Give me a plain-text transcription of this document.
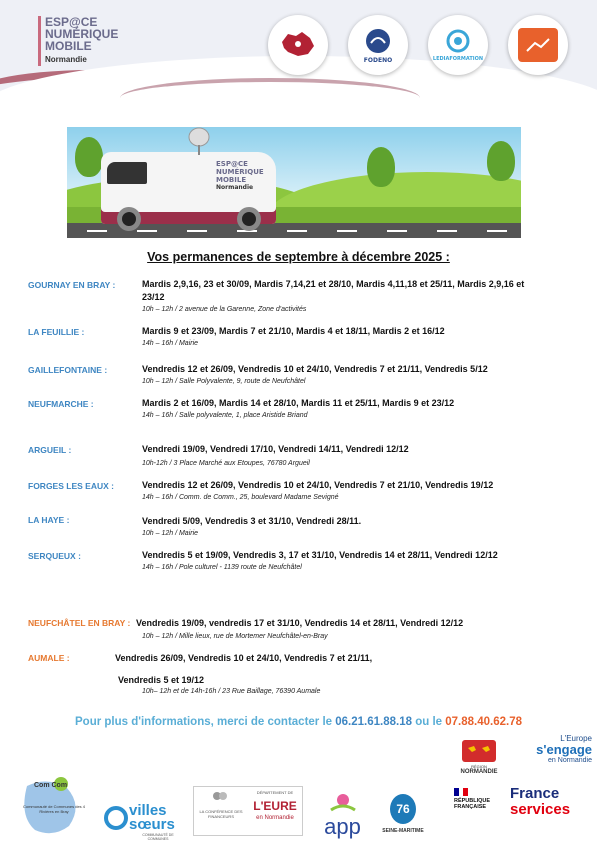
ESP@CE
NUMÉRIQUE
MOBILE
Normandie	FODENO	LEDIAFORMATION
ESP@CE
NUMÉRIQUE
MOBILE
Normandie
Vos permanences de septembre à décembre 2025 :
GOURNAY EN BRAY :	Mardis 2,9,16, 23 et 30/09, Mardis 7,14,21 et 28/10, Mardis 4,11,18 et 25/11, Mardis 2,9,16 et 23/12
10h – 12h / 2 avenue de la Garenne, Zone d'activités
LA FEUILLIE :	Mardis 9 et 23/09, Mardis 7 et 21/10, Mardis 4 et 18/11, Mardis 2 et 16/12
14h – 16h / Mairie
GAILLEFONTAINE :	Vendredis 12 et 26/09, Vendredis 10 et 24/10, Vendredis 7 et 21/11, Vendredis 5/12
10h – 12h / Salle Polyvalente, 9, route de Neufchâtel
NEUFMARCHE :	Mardis 2 et 16/09, Mardis 14 et 28/10, Mardis 11 et 25/11, Mardis 9 et 23/12
14h – 16h / Salle polyvalente, 1, place Aristide Briand
ARGUEIL :	Vendredi 19/09, Vendredi 17/10, Vendredi 14/11, Vendredi 12/12
10h-12h / 3 Place Marché aux Etoupes, 76780 Argueil
FORGES LES EAUX :	Vendredis 12 et 26/09, Vendredis 10 et 24/10, Vendredis 7 et 21/10, Vendredis 19/12
14h – 16h / Comm. de Comm., 25, boulevard Madame Sevigné
LA HAYE :	Vendredi 5/09, Vendredis 3 et 31/10, Vendredi 28/11.
10h – 12h / Mairie
SERQUEUX :	Vendredis 5 et 19/09, Vendredis 3, 17 et 31/10, Vendredis 14 et 28/11, Vendredi 12/12
14h – 16h / Pole culturel - 1139 route de Neufchâtel
NEUFCHÂTEL EN BRAY : Vendredis 19/09, vendredis 17 et 31/10, Vendredis 14 et 28/11, Vendredi 12/12
10h – 12h / Mille lieux, rue de Mortemer Neufchâtel-en-Bray
AUMALE :	Vendredis 26/09, Vendredis 10 et 24/10, Vendredis 7 et 21/11,
Vendredis 5 et 19/12
10h– 12h et de 14h-16h / 23 Rue Baillage, 76390 Aumale
Pour plus d'informations, merci de contacter le 06.21.61.88.18 ou le 07.88.40.62.78
Com Com
Communauté de Communes des 4 Rivières en Bray	villes sœurs
COMMUNAUTÉ DE COMMUNES
LA CONFÉRENCE DES FINANCEURS
DÉPARTEMENT DE
L'EURE
en Normandie	app
76
SEINE-MARITIME
RÉGION
NORMANDIE
RÉPUBLIQUE
FRANÇAISE
L'Europe
s'engage
en Normandie
France
services
